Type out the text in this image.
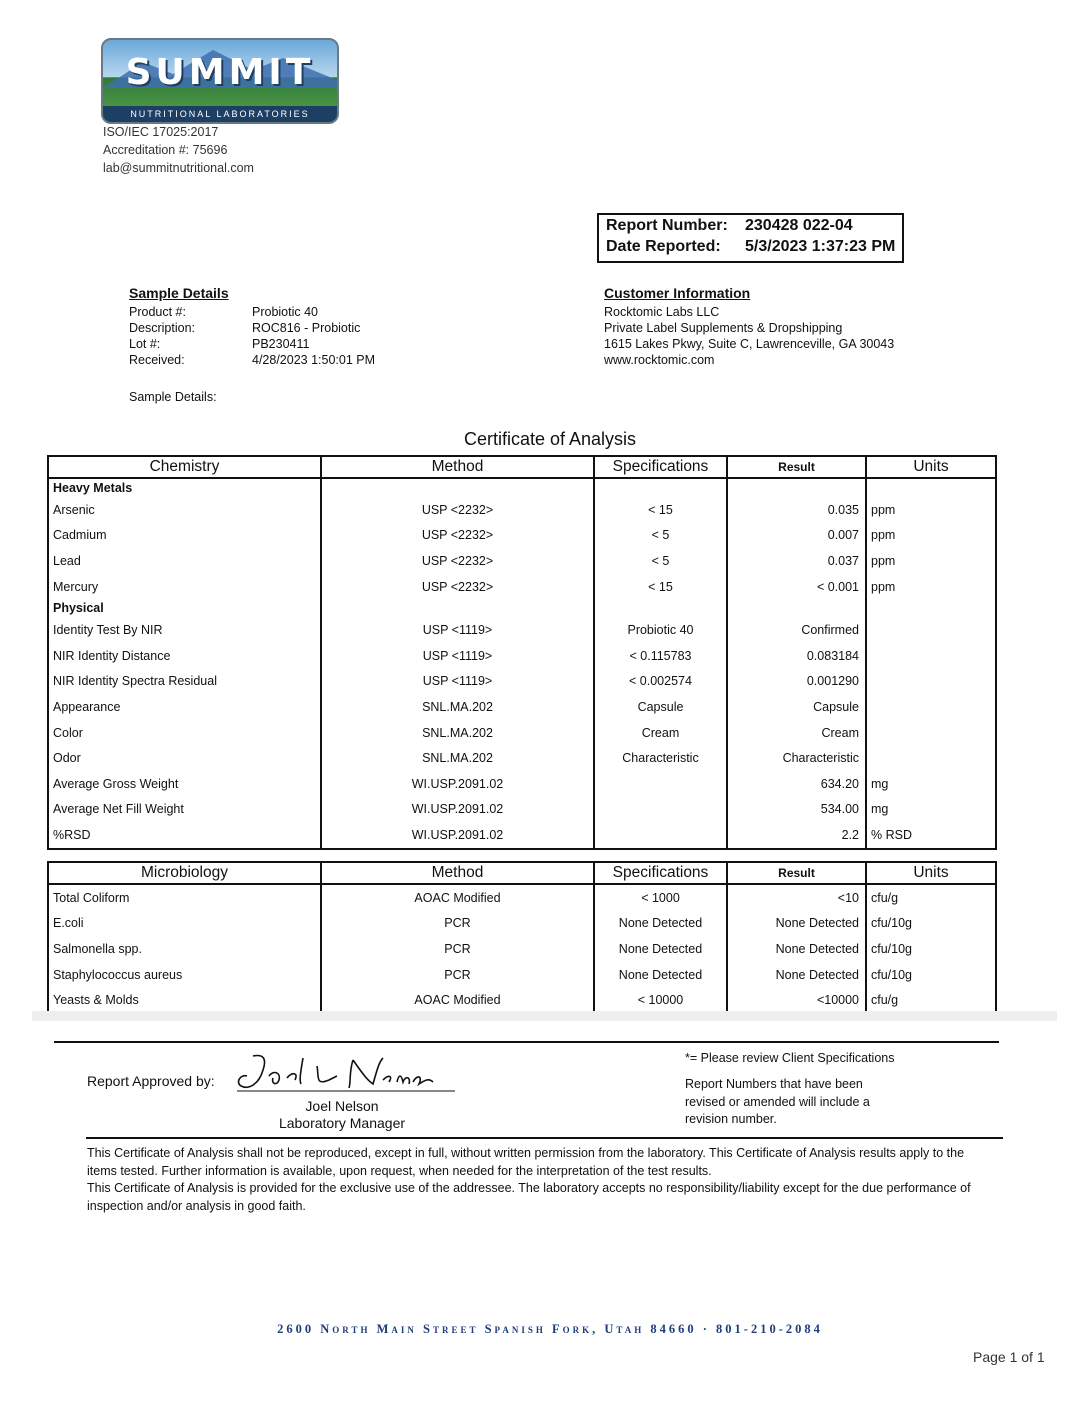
SUMMIT
NUTRITIONAL LABORATORIES
ISO/IEC 17025:2017
Accreditation #: 75696
lab@summitnutritional.com
Report Number: 230428 022-04
Date Reported: 5/3/2023 1:37:23 PM
Sample Details
Product #:	Probiotic 40
Description:	ROC816 - Probiotic
Lot #:	PB230411
Received:	4/28/2023 1:50:01 PM
Sample Details:
Customer Information
Rocktomic Labs LLC
Private Label Supplements & Dropshipping
1615 Lakes Pkwy, Suite C, Lawrenceville, GA 30043
www.rocktomic.com
Certificate of Analysis
Chemistry	Method	Specifications	Result	Units
Heavy Metals				
Arsenic	USP <2232>	< 15	0.035	ppm
Cadmium	USP <2232>	< 5	0.007	ppm
Lead	USP <2232>	< 5	0.037	ppm
Mercury	USP <2232>	< 15	< 0.001	ppm
Physical				
Identity Test By NIR	USP <1119>	Probiotic 40	Confirmed	
NIR Identity Distance	USP <1119>	< 0.115783	0.083184	
NIR Identity Spectra Residual	USP <1119>	< 0.002574	0.001290	
Appearance	SNL.MA.202	Capsule	Capsule	
Color	SNL.MA.202	Cream	Cream	
Odor	SNL.MA.202	Characteristic	Characteristic	
Average Gross Weight	WI.USP.2091.02		634.20	mg
Average Net Fill Weight	WI.USP.2091.02		534.00	mg
%RSD	WI.USP.2091.02		2.2	% RSD
Microbiology	Method	Specifications	Result	Units
Total Coliform	AOAC Modified	< 1000	<10	cfu/g
E.coli	PCR	None Detected	None Detected	cfu/10g
Salmonella spp.	PCR	None Detected	None Detected	cfu/10g
Staphylococcus aureus	PCR	None Detected	None Detected	cfu/10g
Yeasts & Molds	AOAC Modified	< 10000	<10000	cfu/g
Report Approved by:
Joel Nelson
Laboratory Manager
*= Please review Client Specifications
Report Numbers that have been revised or amended will include a revision number.
This Certificate of Analysis shall not be reproduced, except in full, without written permission from the laboratory. This Certificate of Analysis results apply to the items tested. Further information is available, upon request, when needed for the interpretation of the test results.
This Certificate of Analysis is provided for the exclusive use of the addressee. The laboratory accepts no responsibility/liability except for the due performance of inspection and/or analysis in good faith.
2600 North Main Street Spanish Fork, Utah 84660 · 801-210-2084
Page 1 of 1
